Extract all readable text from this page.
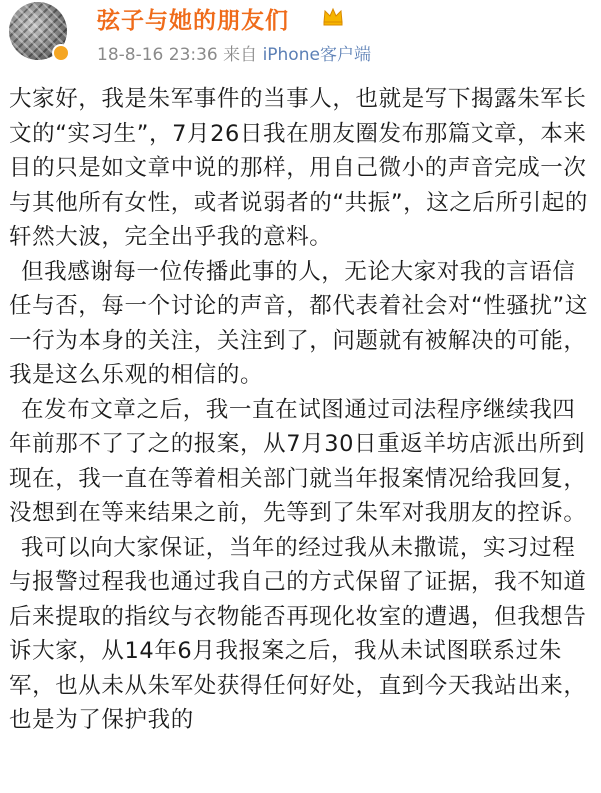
弦子与她的朋友们
18-8-16 23:36 来自 iPhone客户端

大家好，我是朱军事件的当事人，也就是写下揭露朱军长文的“实习生”，7月26日我在朋友圈发布那篇文章，本来目的只是如文章中说的那样，用自己微小的声音完成一次与其他所有女性，或者说弱者的“共振”，这之后所引起的轩然大波，完全出乎我的意料。

但我感谢每一位传播此事的人，无论大家对我的言语信任与否，每一个讨论的声音，都代表着社会对“性骚扰”这一行为本身的关注，关注到了，问题就有被解决的可能，我是这么乐观的相信的。

在发布文章之后，我一直在试图通过司法程序继续我四年前那不了了之的报案，从7月30日重返羊坊店派出所到现在，我一直在等着相关部门就当年报案情况给我回复，没想到在等来结果之前，先等到了朱军对我朋友的控诉。

我可以向大家保证，当年的经过我从未撒谎，实习过程与报警过程我也通过我自己的方式保留了证据，我不知道后来提取的指纹与衣物能否再现化妆室的遭遇，但我想告诉大家，从14年6月我报案之后，我从未试图联系过朱军，也从未从朱军处获得任何好处，直到今天我站出来，也是为了保护我的
